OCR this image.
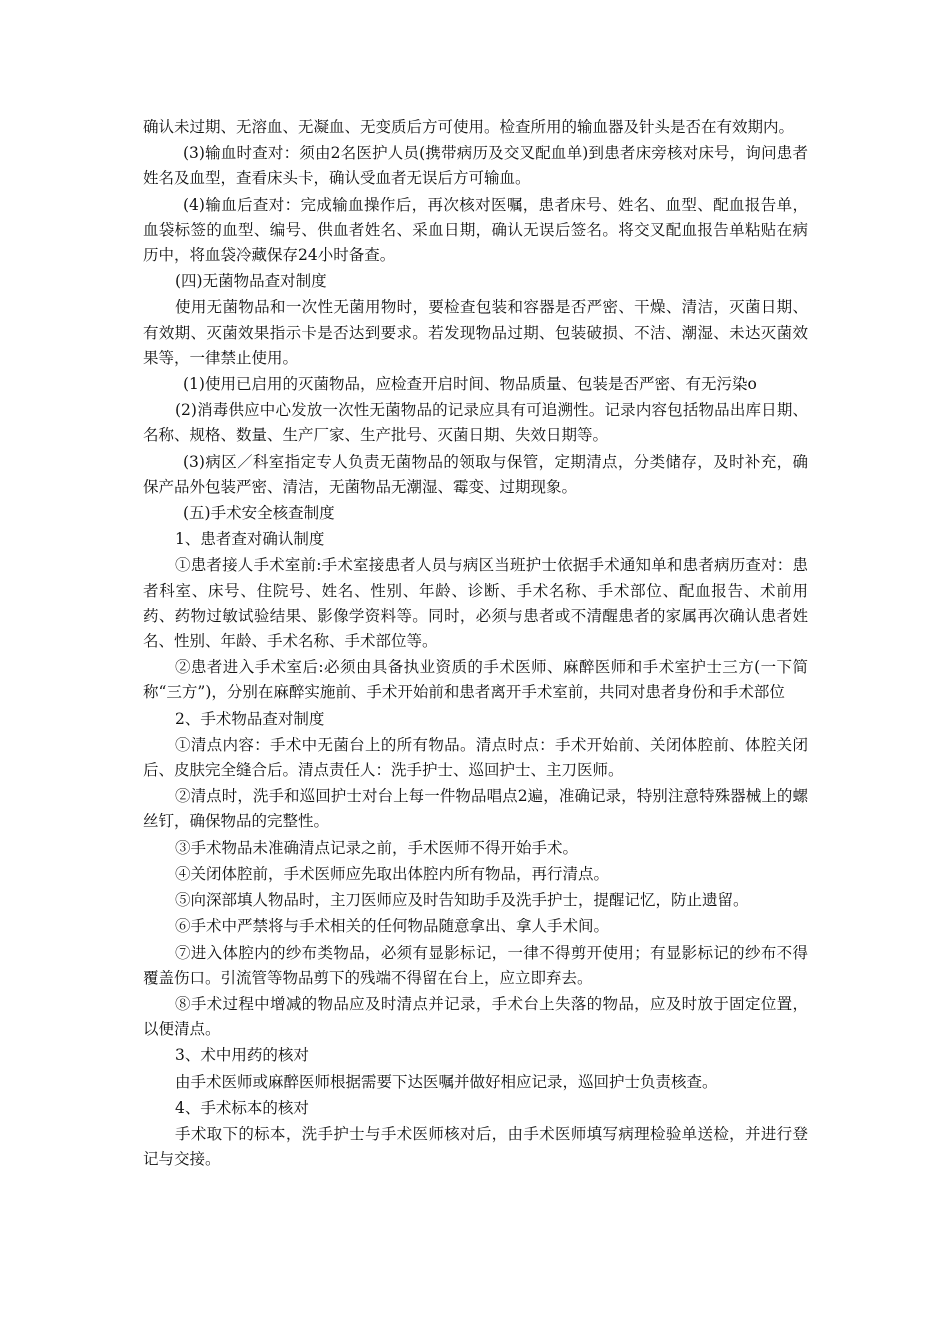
确认未过期、无溶血、无凝血、无变质后方可使用。检查所用的输血器及针头是否在有效期内。

(3)输血时查对：须由2名医护人员(携带病历及交叉配血单)到患者床旁核对床号，询问患者姓名及血型，查看床头卡，确认受血者无误后方可输血。

(4)输血后查对：完成输血操作后，再次核对医嘱，患者床号、姓名、血型、配血报告单，血袋标签的血型、编号、供血者姓名、采血日期，确认无误后签名。将交叉配血报告单粘贴在病历中，将血袋冷藏保存24小时备查。

(四)无菌物品查对制度

使用无菌物品和一次性无菌用物时，要检查包装和容器是否严密、干燥、清洁，灭菌日期、有效期、灭菌效果指示卡是否达到要求。若发现物品过期、包装破损、不洁、潮湿、未达灭菌效果等，一律禁止使用。

(1)使用已启用的灭菌物品，应检查开启时间、物品质量、包装是否严密、有无污染o

(2)消毒供应中心发放一次性无菌物品的记录应具有可追溯性。记录内容包括物品出库日期、名称、规格、数量、生产厂家、生产批号、灭菌日期、失效日期等。

(3)病区／科室指定专人负责无菌物品的领取与保管，定期清点，分类储存，及时补充，确保产品外包装严密、清洁，无菌物品无潮湿、霉变、过期现象。

(五)手术安全核查制度

1、患者查对确认制度

①患者接人手术室前:手术室接患者人员与病区当班护士依据手术通知单和患者病历查对：患者科室、床号、住院号、姓名、性别、年龄、诊断、手术名称、手术部位、配血报告、术前用药、药物过敏试验结果、影像学资料等。同时，必须与患者或不清醒患者的家属再次确认患者姓名、性别、年龄、手术名称、手术部位等。

②患者进入手术室后:必须由具备执业资质的手术医师、麻醉医师和手术室护士三方(一下简称“三方”)，分别在麻醉实施前、手术开始前和患者离开手术室前，共同对患者身份和手术部位

2、手术物品查对制度

①清点内容：手术中无菌台上的所有物品。清点时点：手术开始前、关闭体腔前、体腔关闭后、皮肤完全缝合后。清点责任人：洗手护士、巡回护士、主刀医师。

②清点时，洗手和巡回护士对台上每一件物品唱点2遍，准确记录，特别注意特殊器械上的螺丝钉，确保物品的完整性。

③手术物品未准确清点记录之前，手术医师不得开始手术。

④关闭体腔前，手术医师应先取出体腔内所有物品，再行清点。

⑤向深部填人物品时，主刀医师应及时告知助手及洗手护士，提醒记忆，防止遗留。

⑥手术中严禁将与手术相关的任何物品随意拿出、拿人手术间。

⑦进入体腔内的纱布类物品，必须有显影标记，一律不得剪开使用；有显影标记的纱布不得覆盖伤口。引流管等物品剪下的残端不得留在台上，应立即弃去。

⑧手术过程中增减的物品应及时清点并记录，手术台上失落的物品，应及时放于固定位置，以便清点。

3、术中用药的核对

由手术医师或麻醉医师根据需要下达医嘱并做好相应记录，巡回护士负责核查。

4、手术标本的核对

手术取下的标本，洗手护士与手术医师核对后，由手术医师填写病理检验单送检，并进行登记与交接。
